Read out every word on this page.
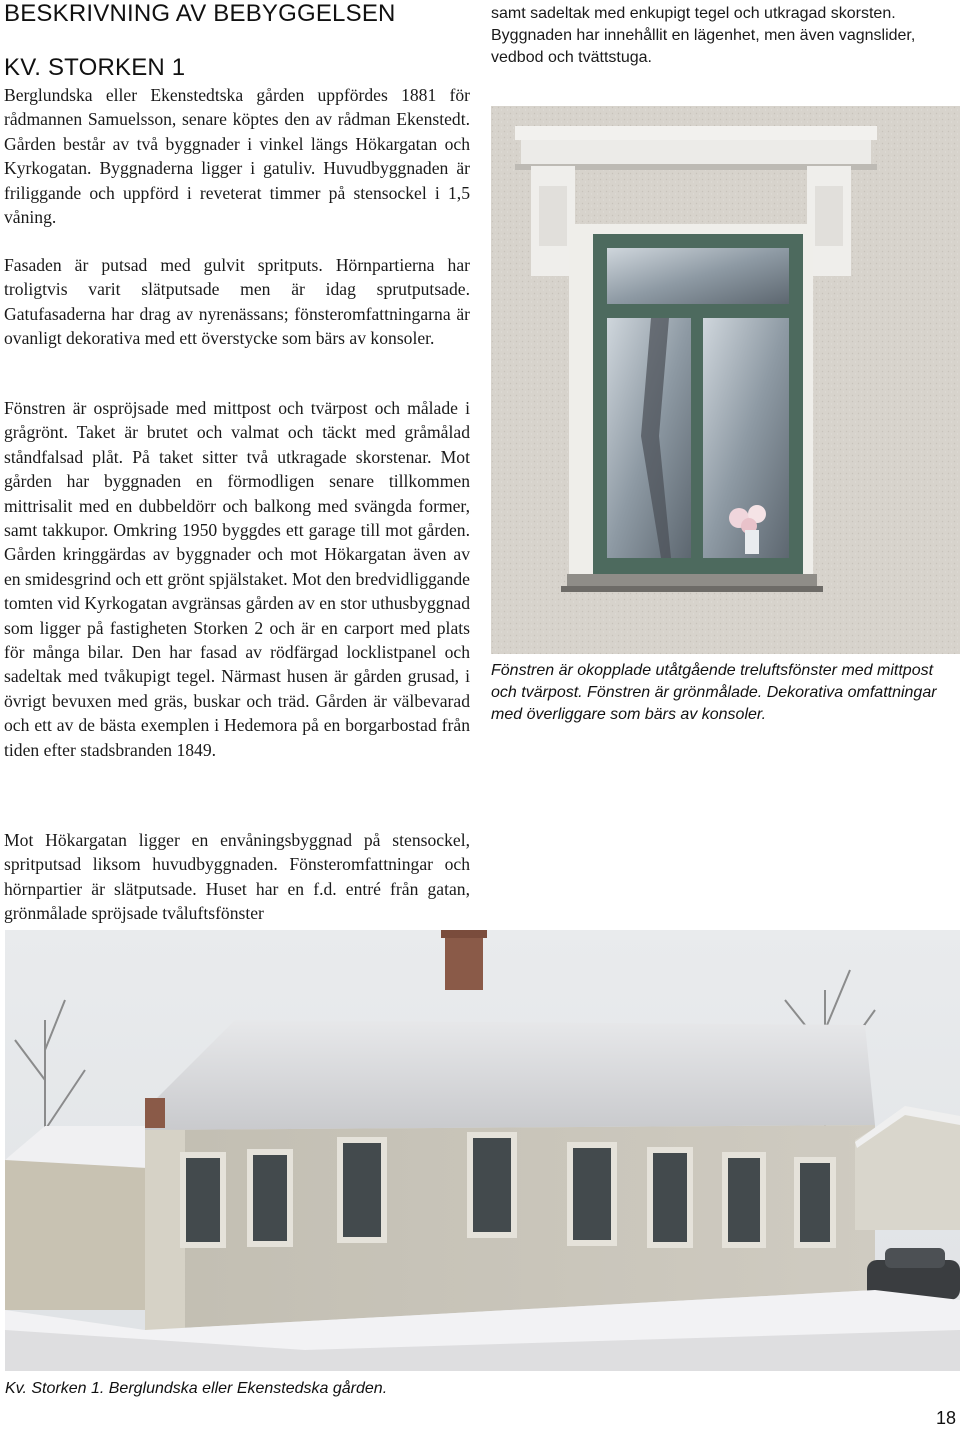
BESKRIVNING AV BEBYGGELSEN
KV. STORKEN 1

Berglundska eller Ekenstedtska gården uppfördes 1881 för rådmannen Samuelsson, senare köptes den av rådman Ekenstedt. Gården består av två byggnader i vinkel längs Hökargatan och Kyrkogatan. Byggnaderna ligger i gatuliv. Huvudbyggnaden är friliggande och uppförd i reveterat timmer på stensockel i 1,5 våning.

Fasaden är putsad med gulvit spritputs. Hörnpartierna har troligtvis varit slätputsade men är idag sprutputsade. Gatufasaderna har drag av nyrenässans; fönsteromfattningarna är ovanligt dekorativa med ett överstycke som bärs av konsoler.

Fönstren är ospröjsade med mittpost och tvärpost och målade i grågrönt. Taket är brutet och valmat och täckt med gråmålad ståndfalsad plåt. På taket sitter två utkragade skorstenar. Mot gården har byggnaden en förmodligen senare tillkommen mittrisalit med en dubbeldörr och balkong med svängda former, samt takkupor. Omkring 1950 byggdes ett garage till mot gården. Gården kringgärdas av byggnader och mot Hökargatan även av en smidesgrind och ett grönt spjälstaket. Mot den bredvidliggande tomten vid Kyrkogatan avgränsas gården av en stor uthusbyggnad som ligger på fastigheten Storken 2 och är en carport med plats för många bilar. Den har fasad av rödfärgad locklistpanel och sadeltak med tvåkupigt tegel. Närmast husen är gården grusad, i övrigt bevuxen med gräs, buskar och träd. Gården är välbevarad och ett av de bästa exemplen i Hedemora på en borgarbostad från tiden efter stadsbranden 1849.

Mot Hökargatan ligger en envåningsbyggnad på stensockel, spritputsad liksom huvudbyggnaden. Fönsteromfattningar och hörnpartier är slätputsade. Huset har en f.d. entré från gatan, grönmålade spröjsade tvåluftsfönster

samt sadeltak med enkupigt tegel och utkragad skorsten. Byggnaden har innehållit en lägenhet, men även vagnslider, vedbod och tvättstuga.

Fönstren är okopplade utåtgående treluftsfönster med mittpost och tvärpost. Fönstren är grönmålade. Dekorativa omfattningar med överliggare som bärs av konsoler.

Kv. Storken 1. Berglundska eller Ekenstedska gården.

18
